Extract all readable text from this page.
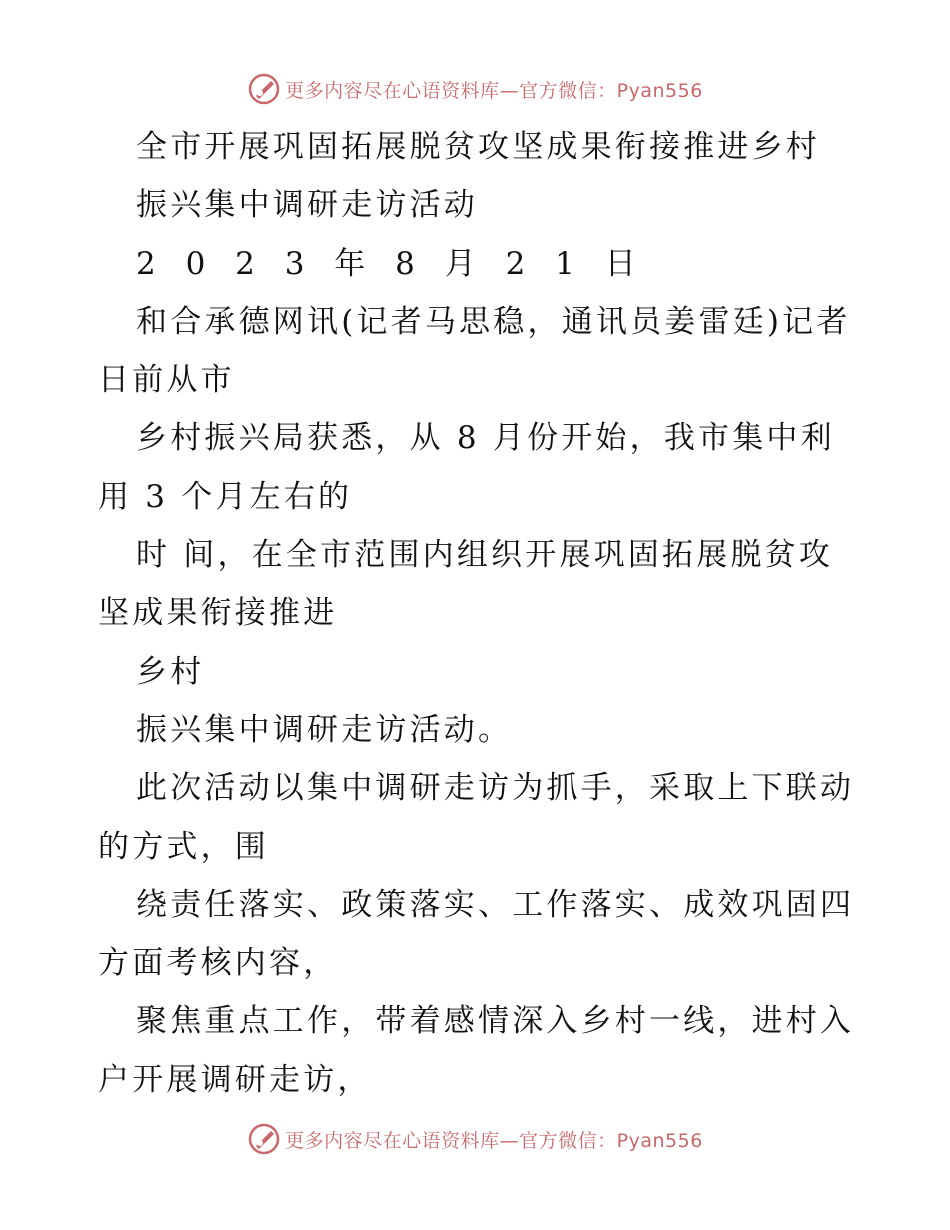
更多内容尽在心语资料库—官方微信：Pyan556
全市开展巩固拓展脱贫攻坚成果衔接推进乡村
振兴集中调研走访活动
2 0 2 3 年 8 月 2 1 日
和合承德网讯(记者马思稳，通讯员姜雷廷)记者日前从市
乡村振兴局获悉，从 8 月份开始，我市集中利用 3 个月左右的
时 间，在全市范围内组织开展巩固拓展脱贫攻坚成果衔接推进
乡村
振兴集中调研走访活动。
此次活动以集中调研走访为抓手，采取上下联动的方式，围
绕责任落实、政策落实、工作落实、成效巩固四方面考核内容，
聚焦重点工作，带着感情深入乡村一线，进村入户开展调研走访，
更多内容尽在心语资料库—官方微信：Pyan556
